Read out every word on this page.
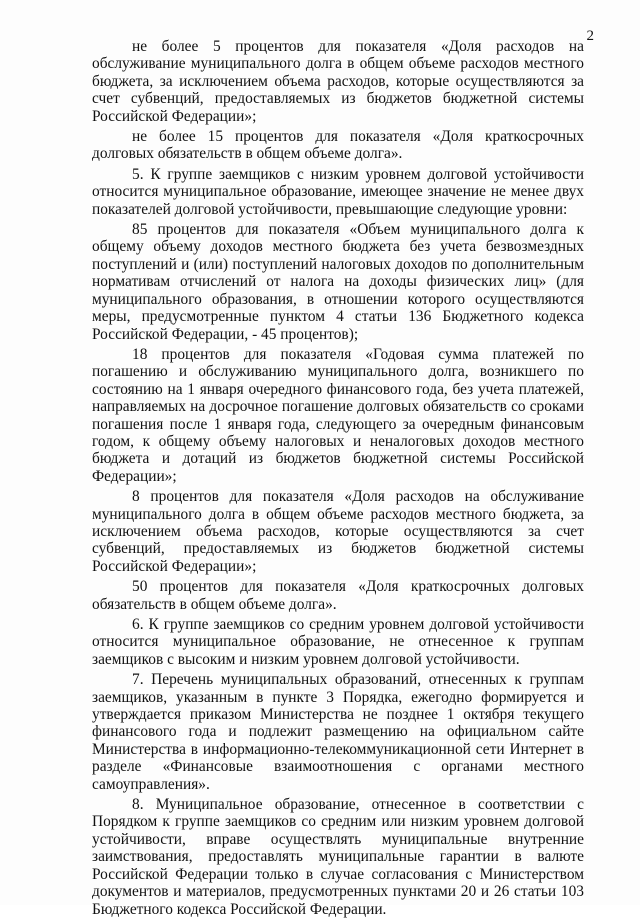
2

не более 5 процентов для показателя «Доля расходов на обслуживание муниципального долга в общем объеме расходов местного бюджета, за исключением объема расходов, которые осуществляются за счет субвенций, предоставляемых из бюджетов бюджетной системы Российской Федерации»;

не более 15 процентов для показателя «Доля краткосрочных долговых обязательств в общем объеме долга».

5. К группе заемщиков с низким уровнем долговой устойчивости относится муниципальное образование, имеющее значение не менее двух показателей долговой устойчивости, превышающие следующие уровни:

85 процентов для показателя «Объем муниципального долга к общему объему доходов местного бюджета без учета безвозмездных поступлений и (или) поступлений налоговых доходов по дополнительным нормативам отчислений от налога на доходы физических лиц» (для муниципального образования, в отношении которого осуществляются меры, предусмотренные пунктом 4 статьи 136 Бюджетного кодекса Российской Федерации, - 45 процентов);

18 процентов для показателя «Годовая сумма платежей по погашению и обслуживанию муниципального долга, возникшего по состоянию на 1 января очередного финансового года, без учета платежей, направляемых на досрочное погашение долговых обязательств со сроками погашения после 1 января года, следующего за очередным финансовым годом, к общему объему налоговых и неналоговых доходов местного бюджета и дотаций из бюджетов бюджетной системы Российской Федерации»;

8 процентов для показателя «Доля расходов на обслуживание муниципального долга в общем объеме расходов местного бюджета, за исключением объема расходов, которые осуществляются за счет субвенций, предоставляемых из бюджетов бюджетной системы Российской Федерации»;

50 процентов для показателя «Доля краткосрочных долговых обязательств в общем объеме долга».

6. К группе заемщиков со средним уровнем долговой устойчивости относится муниципальное образование, не отнесенное к группам заемщиков с высоким и низким уровнем долговой устойчивости.

7. Перечень муниципальных образований, отнесенных к группам заемщиков, указанным в пункте 3 Порядка, ежегодно формируется и утверждается приказом Министерства не позднее 1 октября текущего финансового года и подлежит размещению на официальном сайте Министерства в информационно-телекоммуникационной сети Интернет в разделе «Финансовые взаимоотношения с органами местного самоуправления».

8. Муниципальное образование, отнесенное в соответствии с Порядком к группе заемщиков со средним или низким уровнем долговой устойчивости, вправе осуществлять муниципальные внутренние заимствования, предоставлять муниципальные гарантии в валюте Российской Федерации только в случае согласования с Министерством документов и материалов, предусмотренных пунктами 20 и 26 статьи 103 Бюджетного кодекса Российской Федерации.
